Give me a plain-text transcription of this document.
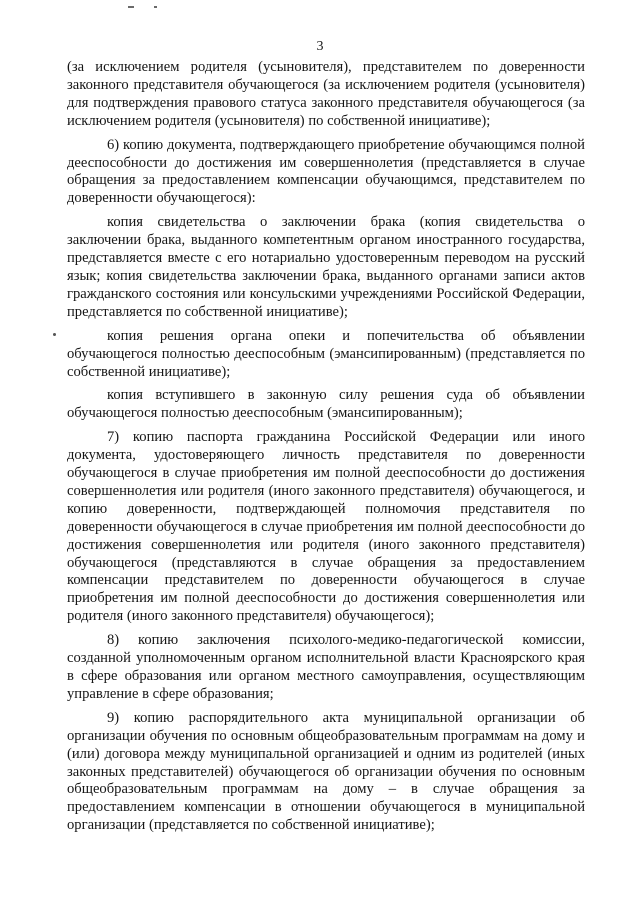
3

(за исключением родителя (усыновителя), представителем по доверенности законного представителя обучающегося (за исключением родителя (усыновителя) для подтверждения правового статуса законного представителя обучающегося (за исключением родителя (усыновителя) по собственной инициативе);

6) копию документа, подтверждающего приобретение обучающимся полной дееспособности до достижения им совершеннолетия (представляется в случае обращения за предоставлением компенсации обучающимся, представителем по доверенности обучающегося):

копия свидетельства о заключении брака (копия свидетельства о заключении брака, выданного компетентным органом иностранного государства, представляется вместе с его нотариально удостоверенным переводом на русский язык; копия свидетельства заключении брака, выданного органами записи актов гражданского состояния или консульскими учреждениями Российской Федерации, представляется по собственной инициативе);

копия решения органа опеки и попечительства об объявлении обучающегося полностью дееспособным (эмансипированным) (представляется по собственной инициативе);

копия вступившего в законную силу решения суда об объявлении обучающегося полностью дееспособным (эмансипированным);

7) копию паспорта гражданина Российской Федерации или иного документа, удостоверяющего личность представителя по доверенности обучающегося в случае приобретения им полной дееспособности до достижения совершеннолетия или родителя (иного законного представителя) обучающегося, и копию доверенности, подтверждающей полномочия представителя по доверенности обучающегося в случае приобретения им полной дееспособности до достижения совершеннолетия или родителя (иного законного представителя) обучающегося (представляются в случае обращения за предоставлением компенсации представителем по доверенности обучающегося в случае приобретения им полной дееспособности до достижения совершеннолетия или родителя (иного законного представителя) обучающегося);

8) копию заключения психолого-медико-педагогической комиссии, созданной уполномоченным органом исполнительной власти Красноярского края в сфере образования или органом местного самоуправления, осуществляющим управление в сфере образования;

9) копию распорядительного акта муниципальной организации об организации обучения по основным общеобразовательным программам на дому и (или) договора между муниципальной организацией и одним из родителей (иных законных представителей) обучающегося об организации обучения по основным общеобразовательным программам на дому – в случае обращения за предоставлением компенсации в отношении обучающегося в муниципальной организации (представляется по собственной инициативе);
